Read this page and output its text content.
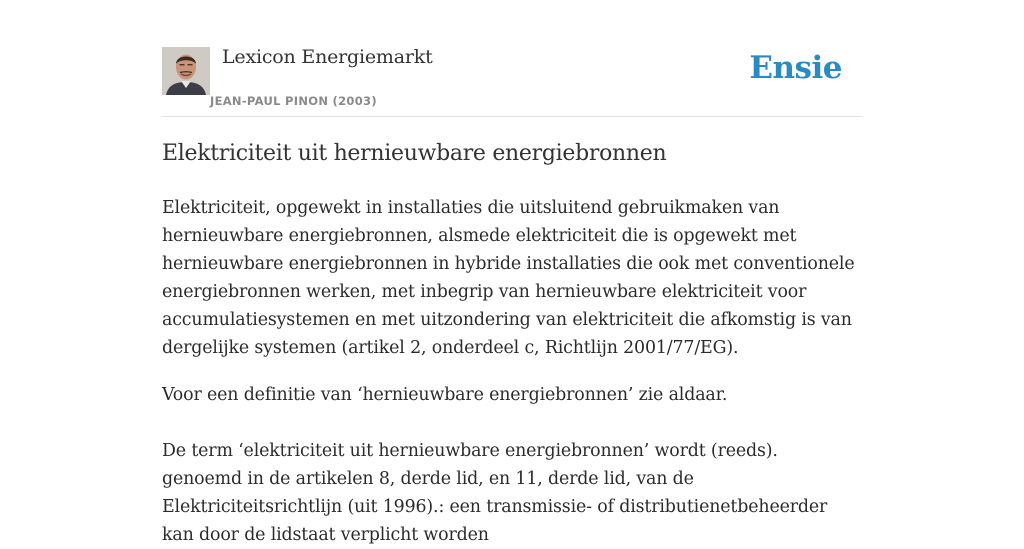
Lexicon Energiemarkt
JEAN-PAUL PINON (2003)
Ensie
Elektriciteit uit hernieuwbare energiebronnen

Elektriciteit, opgewekt in installaties die uitsluitend gebruikmaken van hernieuwbare energiebronnen, alsmede elektriciteit die is opgewekt met hernieuwbare energiebronnen in hybride installaties die ook met conventionele energiebronnen werken, met inbegrip van hernieuwbare elektriciteit voor accumulatiesystemen en met uitzondering van elektriciteit die afkomstig is van dergelijke systemen (artikel 2, onderdeel c, Richtlijn 2001/77/EG).

Voor een definitie van ‘hernieuwbare energiebronnen’ zie aldaar.

De term ‘elektriciteit uit hernieuwbare energiebronnen’ wordt (reeds). genoemd in de artikelen 8, derde lid, en 11, derde lid, van de Elektriciteitsrichtlijn (uit 1996).: een transmissie- of distributienetbeheerder kan door de lidstaat verplicht worden
